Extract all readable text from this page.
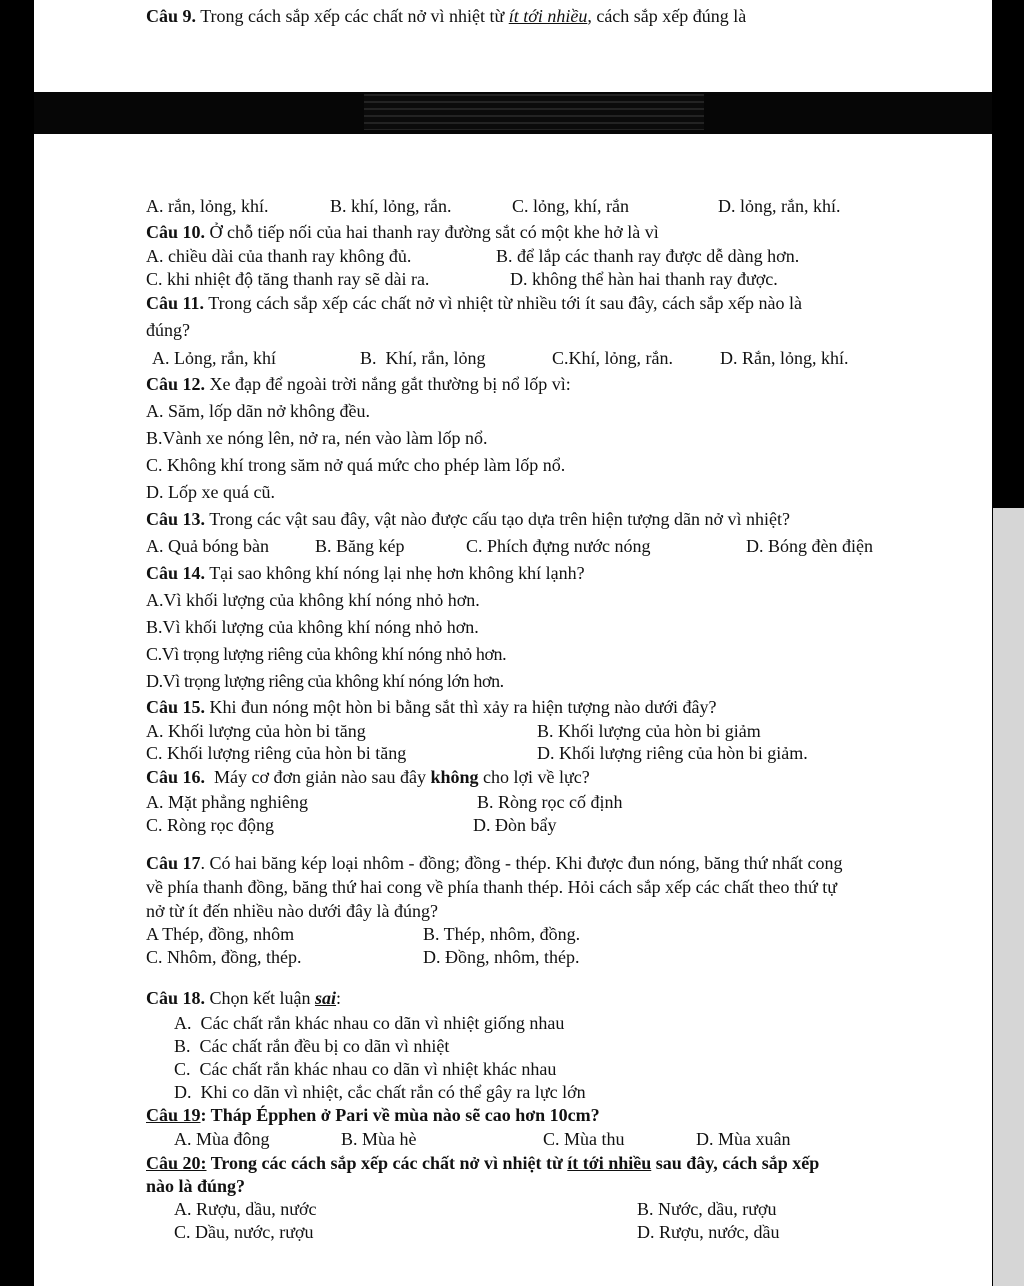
Câu 9. Trong cách sắp xếp các chất nở vì nhiệt từ ít tới nhiều, cách sắp xếp đúng là
A. rắn, lỏng, khí.	B. khí, lỏng, rắn.	C. lỏng, khí, rắn	D. lỏng, rắn, khí.
Câu 10. Ở chỗ tiếp nối của hai thanh ray đường sắt có một khe hở là vì
A. chiều dài của thanh ray không đủ.	B. để lắp các thanh ray được dễ dàng hơn.
C. khi nhiệt độ tăng thanh ray sẽ dài ra.	D. không thể hàn hai thanh ray được.
Câu 11. Trong cách sắp xếp các chất nở vì nhiệt từ nhiều tới ít sau đây, cách sắp xếp nào là
đúng?
A. Lỏng, rắn, khí	B.  Khí, rắn, lỏng	C.Khí, lỏng, rắn.	D. Rắn, lỏng, khí.
Câu 12. Xe đạp để ngoài trời nắng gắt thường bị nổ lốp vì:
A. Săm, lốp dãn nở không đều.
B.Vành xe nóng lên, nở ra, nén vào làm lốp nổ.
C. Không khí trong săm nở quá mức cho phép làm lốp nổ.
D. Lốp xe quá cũ.
Câu 13. Trong các vật sau đây, vật nào được cấu tạo dựa trên hiện tượng dãn nở vì nhiệt?
A. Quả bóng bàn	B. Băng kép	C. Phích đựng nước nóng	D. Bóng đèn điện
Câu 14. Tại sao không khí nóng lại nhẹ hơn không khí lạnh?
A.Vì khối lượng của không khí nóng nhỏ hơn.
B.Vì khối lượng của không khí nóng nhỏ hơn.
C.Vì trọng lượng riêng của không khí nóng nhỏ hơn.
D.Vì trọng lượng riêng của không khí nóng lớn hơn.
Câu 15. Khi đun nóng một hòn bi bằng sắt thì xảy ra hiện tượng nào dưới đây?
A. Khối lượng của hòn bi tăng	B. Khối lượng của hòn bi giảm
C. Khối lượng riêng của hòn bi tăng	D. Khối lượng riêng của hòn bi giảm.
Câu 16.  Máy cơ đơn giản nào sau đây không cho lợi về lực?
A. Mặt phẳng nghiêng	B. Ròng rọc cố định
C. Ròng rọc động	D. Đòn bẩy
Câu 17. Có hai băng kép loại nhôm - đồng; đồng - thép. Khi được đun nóng, băng thứ nhất cong
về phía thanh đồng, băng thứ hai cong về phía thanh thép. Hỏi cách sắp xếp các chất theo thứ tự
nở từ ít đến nhiều nào dưới đây là đúng?
A Thép, đồng, nhôm	B. Thép, nhôm, đồng.
C. Nhôm, đồng, thép.	D. Đồng, nhôm, thép.
Câu 18. Chọn kết luận sai:
A.  Các chất rắn khác nhau co dãn vì nhiệt giống nhau
B.  Các chất rắn đều bị co dãn vì nhiệt
C.  Các chất rắn khác nhau co dãn vì nhiệt khác nhau
D.  Khi co dãn vì nhiệt, cắc chất rắn có thể gây ra lực lớn
Câu 19: Tháp Épphen ở Pari về mùa nào sẽ cao hơn 10cm?
A. Mùa đông	B. Mùa hè	C. Mùa thu	D. Mùa xuân
Câu 20: Trong các cách sắp xếp các chất nở vì nhiệt từ ít tới nhiều sau đây, cách sắp xếp
nào là đúng?
A. Rượu, dầu, nước	B. Nước, dầu, rượu
C. Dầu, nước, rượu	D. Rượu, nước, dầu
